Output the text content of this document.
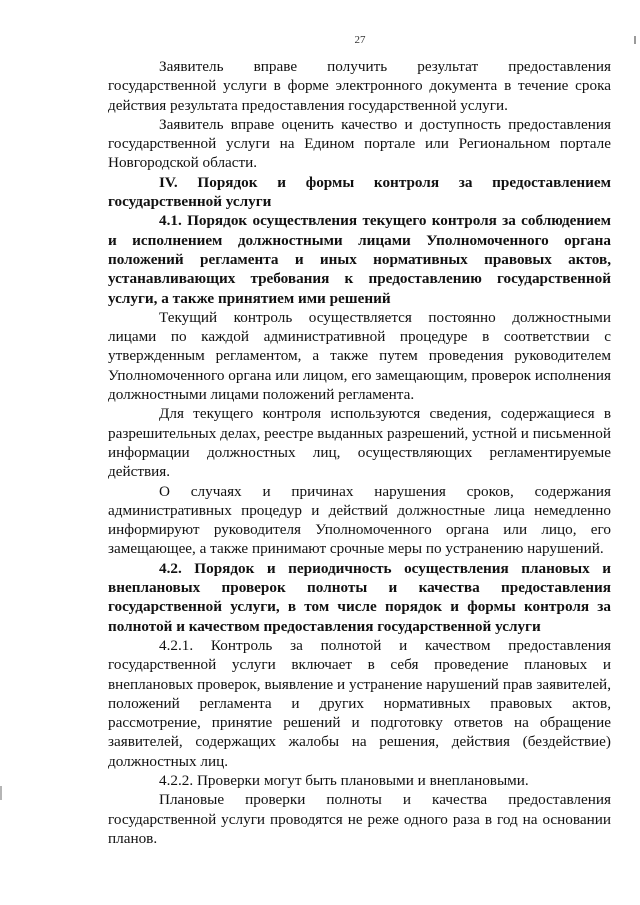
27

Заявитель вправе получить результат предоставления государственной услуги в форме электронного документа в течение срока действия результата предоставления государственной услуги.

Заявитель вправе оценить качество и доступность предоставления государственной услуги на Едином портале или Региональном портале Новгородской области.

IV. Порядок и формы контроля за предоставлением государственной услуги

4.1. Порядок осуществления текущего контроля за соблюдением и исполнением должностными лицами Уполномоченного органа положений регламента и иных нормативных правовых актов, устанавливающих требования к предоставлению государственной услуги, а также принятием ими решений

Текущий контроль осуществляется постоянно должностными лицами по каждой административной процедуре в соответствии с утвержденным регламентом, а также путем проведения руководителем Уполномоченного органа или лицом, его замещающим, проверок исполнения должностными лицами положений регламента.

Для текущего контроля используются сведения, содержащиеся в разрешительных делах, реестре выданных разрешений, устной и письменной информации должностных лиц, осуществляющих регламентируемые действия.

О случаях и причинах нарушения сроков, содержания административных процедур и действий должностные лица немедленно информируют руководителя Уполномоченного органа или лицо, его замещающее, а также принимают срочные меры по устранению нарушений.

4.2. Порядок и периодичность осуществления плановых и внеплановых проверок полноты и качества предоставления государственной услуги, в том числе порядок и формы контроля за полнотой и качеством предоставления государственной услуги

4.2.1. Контроль за полнотой и качеством предоставления государственной услуги включает в себя проведение плановых и внеплановых проверок, выявление и устранение нарушений прав заявителей, положений регламента и других нормативных правовых актов, рассмотрение, принятие решений и подготовку ответов на обращение заявителей, содержащих жалобы на решения, действия (бездействие) должностных лиц.

4.2.2. Проверки могут быть плановыми и внеплановыми.

Плановые проверки полноты и качества предоставления государственной услуги проводятся не реже одного раза в год на основании планов.
